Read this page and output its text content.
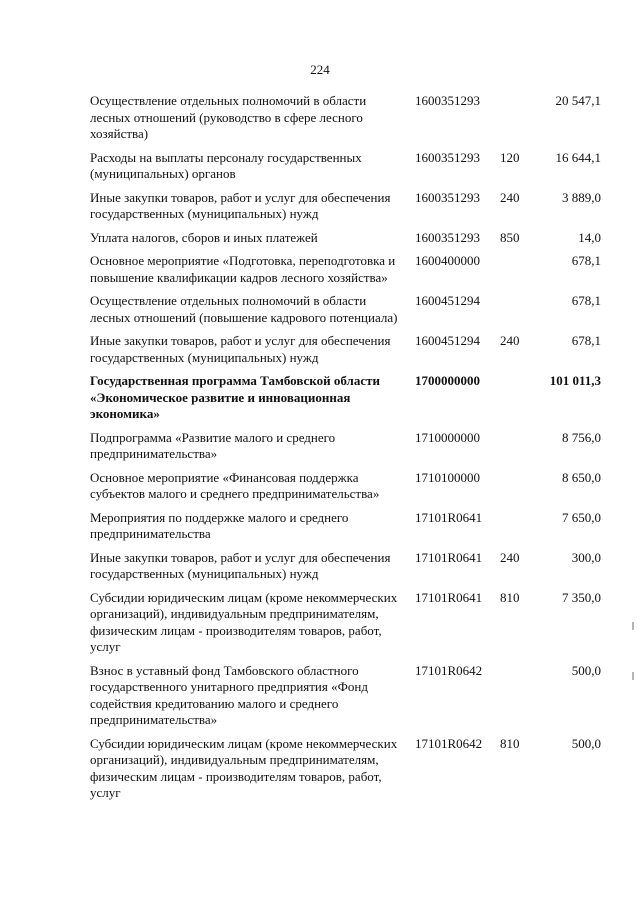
224
Осуществление отдельных полномочий в области лесных отношений (руководство в сфере лесного хозяйства)
1600351293	20 547,1
Расходы на выплаты персоналу государственных (муниципальных) органов
1600351293 120	16 644,1
Иные закупки товаров, работ и услуг для обеспечения государственных (муниципальных) нужд
1600351293 240	3 889,0
Уплата налогов, сборов и иных платежей	1600351293 850	14,0
Основное мероприятие «Подготовка, переподготовка и повышение квалификации кадров лесного хозяйства»
1600400000	678,1
Осуществление отдельных полномочий в области лесных отношений (повышение кадрового потенциала)
1600451294	678,1
Иные закупки товаров, работ и услуг для обеспечения государственных (муниципальных) нужд
1600451294 240	678,1
Государственная программа Тамбовской области «Экономическое развитие и инновационная экономика»
1700000000	101 011,3
Подпрограмма «Развитие малого и среднего предпринимательства»
1710000000	8 756,0
Основное мероприятие «Финансовая поддержка субъектов малого и среднего предпринимательства»
1710100000	8 650,0
Мероприятия по поддержке малого и среднего предпринимательства
17101R0641	7 650,0
Иные закупки товаров, работ и услуг для обеспечения государственных (муниципальных) нужд
17101R0641 240	300,0
Субсидии юридическим лицам (кроме некоммерческих организаций), индивидуальным предпринимателям, физическим лицам - производителям товаров, работ, услуг
17101R0641 810	7 350,0
Взнос в уставный фонд Тамбовского областного государственного унитарного предприятия «Фонд содействия кредитованию малого и среднего предпринимательства»
17101R0642	500,0
Субсидии юридическим лицам (кроме некоммерческих организаций), индивидуальным предпринимателям, физическим лицам - производителям товаров, работ, услуг
17101R0642 810	500,0
